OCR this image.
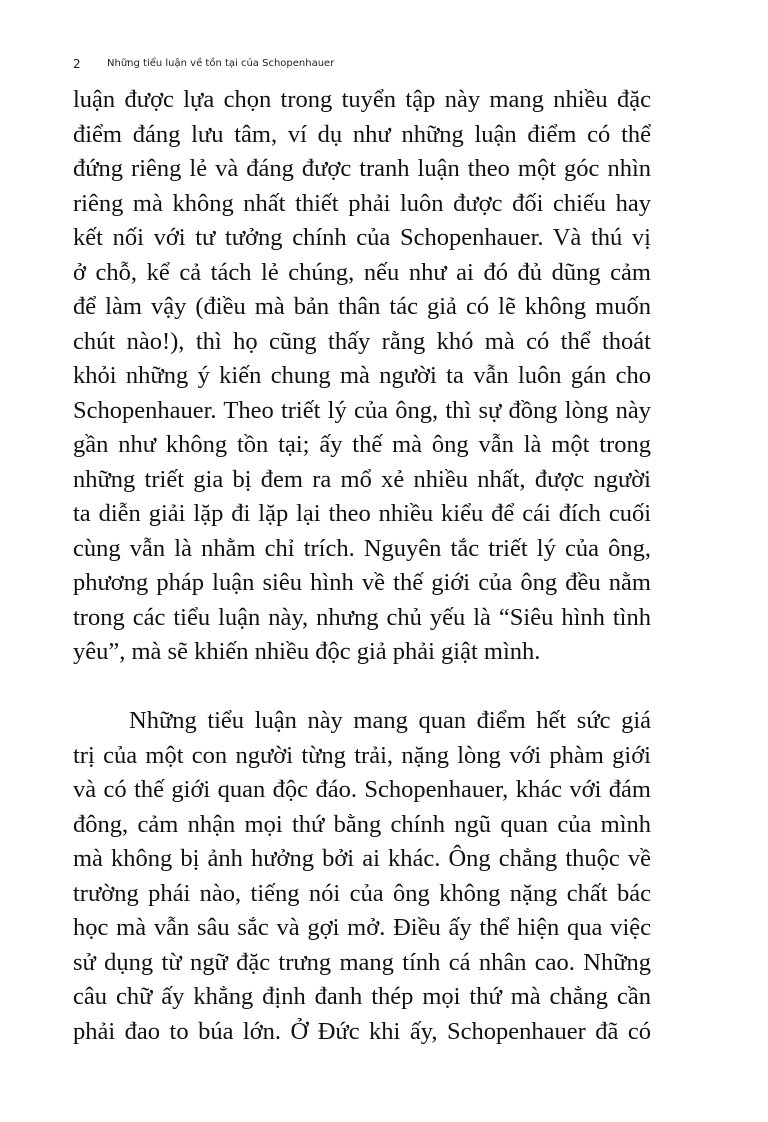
2	Những tiểu luận về tồn tại của Schopenhauer
luận được lựa chọn trong tuyển tập này mang nhiều đặc
điểm đáng lưu tâm, ví dụ như những luận điểm có thể
đứng riêng lẻ và đáng được tranh luận theo một góc nhìn
riêng mà không nhất thiết phải luôn được đối chiếu hay
kết nối với tư tưởng chính của Schopenhauer. Và thú vị
ở chỗ, kể cả tách lẻ chúng, nếu như ai đó đủ dũng cảm
để làm vậy (điều mà bản thân tác giả có lẽ không muốn
chút nào!), thì họ cũng thấy rằng khó mà có thể thoát
khỏi những ý kiến chung mà người ta vẫn luôn gán cho
Schopenhauer. Theo triết lý của ông, thì sự đồng lòng này
gần như không tồn tại; ấy thế mà ông vẫn là một trong
những triết gia bị đem ra mổ xẻ nhiều nhất, được người
ta diễn giải lặp đi lặp lại theo nhiều kiểu để cái đích cuối
cùng vẫn là nhằm chỉ trích. Nguyên tắc triết lý của ông,
phương pháp luận siêu hình về thế giới của ông đều nằm
trong các tiểu luận này, nhưng chủ yếu là “Siêu hình tình
yêu”, mà sẽ khiến nhiều độc giả phải giật mình.
Những tiểu luận này mang quan điểm hết sức giá
trị của một con người từng trải, nặng lòng với phàm giới
và có thế giới quan độc đáo. Schopenhauer, khác với đám
đông, cảm nhận mọi thứ bằng chính ngũ quan của mình
mà không bị ảnh hưởng bởi ai khác. Ông chẳng thuộc về
trường phái nào, tiếng nói của ông không nặng chất bác
học mà vẫn sâu sắc và gợi mở. Điều ấy thể hiện qua việc
sử dụng từ ngữ đặc trưng mang tính cá nhân cao. Những
câu chữ ấy khẳng định đanh thép mọi thứ mà chẳng cần
phải đao to búa lớn. Ở Đức khi ấy, Schopenhauer đã có
